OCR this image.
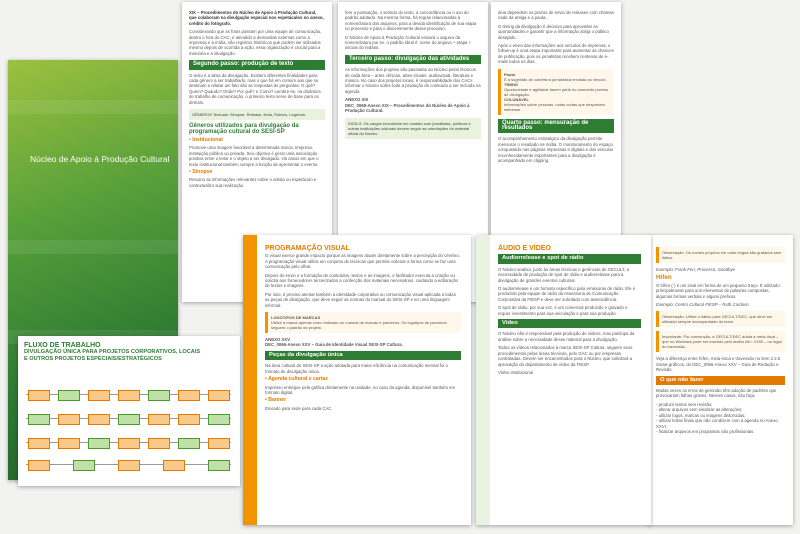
Núcleo de Apoio à Produção Cultural
FLUXO DE TRABALHO
DIVULGAÇÃO ÚNICA PARA PROJETOS CORPORATIVOS, LOCAIS
E OUTROS PROJETOS ESPECIAIS/ESTRATÉGICOS

XIX – Procedimentos do Núcleo de Apoio à Produção Cultural, que colaboram na divulgação especial nos espetáculos no anexo, crédito do fotógrafo.

Considerando que as fotos passam por uma equipe de comunicação, dentro e fora do CAC, é atendido a demandas externas como a imprensa e a mídia, são registros históricos que podem ser utilizados mesmo depois de ocorrida a ação, essa organização é crucial para a memória e a divulgação.

Segundo passo: produção de texto

O texto é a alma da divulgação. Existem diferentes finalidades para cada gênero a ser trabalhado, mas o que há em comum aos que se destinam a relatar um fato são as respostas às perguntas: O quê? Quem? Quando? Onde? Por quê? e Como? Lembre-se, na dinâmica de trabalho de comunicação, o primeiro texto serve de base para os demais.

GÊNEROS Textuais: Sinopse, Release, Nota, Roteiro, Legenda.
Gêneros utilizados para divulgação da programação cultural do SESI-SP
• Institucional

Promove uma imagem favorável a determinada marca, empresa, instituição pública ou privada. Seu objetivo é gerar uma associação positiva entre o leitor e o objeto a ser divulgado. Há casos em que o texto institucional também cumpre a função de apresentar o evento.

• Sinopse

Resumo as informações relevantes sobre o artista ou espetáculo e contextualizo sua realização.

fere a pontuação, o sentido do texto, a concordância ou o uso do padrão adotado. Na mesma forma, há regras relacionadas à nomenclatura dos arquivos, para a devida identificação de sua etapa no processo e para o discernimento desse processo.

O Núcleo de Apoio à Produção Cultural enviará o arquivo da nomenclatura por ex. o padrão ideal é: nome do arquivo + etapa + iniciais do redator.

Terceiro passo: divulgação das atividades

As informações dos projetos são passadas ao Núcleo pelos técnicos de cada área – artes cênicas, artes visuais, audiovisual, literatura e música. No caso dos projetos locais, é responsabilidade dos CACs informar o Núcleo sobre toda a produção de conteúdo a ser incluída na agenda.

ANEXO XIX

DEC_0068-Anexo XIX – Procedimentos do Núcleo de Apoio à Produção Cultural.

SIGILO: Os cargos envolvidos em contato com jornalistas, políticos e outras instituições culturais devem seguir as orientações do material oficial do Núcleo.

deia dependem os prazos de envio de releases com chamas nada da antiga e a pauta.

O timing da divulgação é decisivo para aproveitar as oportunidades e garantir que a informação atinja o público desejado.

Após o envio das informações aos veículos de imprensa, o follow-up é uma etapa importante para aumentar as chances de publicação, pois os jornalistas recebem centenas de e-mails todos os dias.

Pauta
É a sugestão de cobertura jornalística enviada ao veículo.
TIMING
Oportunidade e agilidade fazem parte do momento preciso de divulgação.
COLUNÁVEL
Informações sobre pessoas, notas curtas que despertam interesse.
Quarto passo: mensuração de resultados

O acompanhamento estratégico da divulgação permite mensurar o resultado na mídia. O monitoramento do espaço conquistado nas páginas impressas e digitais e dos veículos reconhecidamente importantes para a divulgação é acompanhado em clipping.

PROGRAMAÇÃO VISUAL

O visual exerce grande impacto porque as imagens atuam diretamente sobre a percepção do cérebro. A programação visual utiliza um conjunto de técnicas que permite ordenar a forma como se faz uma comunicação pelo olhar.

Depois do envio e a formação de conteúdos, textos e as imagens, o facilitador executa a criação ou solicita aos fornecedores terceirizados a confecção dos materiais necessários, cuidando a editoração de textos e imagens.

Por isso, é preciso atentar também à identidade corporativa ou comunicação visual aplicada a todas as peças de divulgação, que deve seguir as normas do manual do SESI-SP e ter uma linguagem informal.

LOGOTIPOS DE MARCAS
Utilize a marca apenas como indicado no manual de marcas e parceiros. Os logotipos de parceiros seguem o padrão do projeto.

ANEXO XXV

DEC_0066-Anexo XXV – Guia de Identidade Visual SESI-SP Cultura.

Peças da divulgação única

Na área cultural do SESI-SP a ação adotada para maior eficiência na comunicação mensal foi o formato de divulgação única.

• Agenda cultural e cartaz

Impresso entregue pela gráfica diretamente na unidade, no caso da agenda, disponível também em formato digital.

• Banner

Enviado para sede para cada CAC.

ÁUDIO E VÍDEO
Audiorrelease e spot de rádio

O Núcleo analisa, junto às áreas técnicas e gerências de GECULT, a necessidade de produção de spot de rádio e audiorrelease para a divulgação de grandes eventos culturais.

O audiorrelease é um formato específico para emissoras de rádio. Ele é produzido pela equipe de rádio da Assessoria de Comunicação Corporativa da FIESP e deve ser solicitado com antecedência.

O spot de rádio, por sua vez, é um comercial produzido e gravado e requer investimento para sua veiculação e para sua produção.

Vídeo

O Núcleo não é responsável pela produção de vídeos, mas participa da análise sobre a necessidade desse material para a divulgação.

Todos os vídeos relacionados à marca SESI-SP Cultura, seguem seus procedimentos pelas áreas técnicas, pelo GAC ou por empresas contratadas. Devem ser encaminhados para o Núcleo, que solicitará a aprovação do departamento de vídeo da FIESP.

Vídeo Institucional

Observação: Os nomes próprios em outra língua são grafados sem itálico.

Exemplo: Frank Ferr, Processo, Goodbye

Hífen

O hífen (-) é um sinal em forma de um pequeno traço. É utilizado principalmente para unir elementos de palavras compostas, algumas formas verbais e alguns prefixos.

Exemplo: Centro Cultural FIESP – Ruth Cardoso

Observação: Utilize o itálico para GECULT/DEC, que deve ser utilizado sempre acompanhado do texto.
Importante: Por convenção, a GECULT/DEC adota a meia-risca – que no Windows pode ser inserido pelo atalho Alt + 0150 – no lugar do travessão.

Veja a diferença entre hífen, meia-risca e travessão no item 2.2.6 Sinais gráficos, do DEC_0066-Anexo XXV – Guia de Redação e Revisão.

O que não fazer

Muitas vezes os erros de gerúndio têm adoção de padrões que provocariam falhas graves. Nesses casos, não faça:

- produzir textos sem revisão;

- alterar arquivos sem sinalizar as alterações;

- utilizar logos, marcas ou imagens distorcidas;

- utilizar letras finais que não condizem com a agenda no Anexo XXVI.

- finalizar arquivos em programas não profissionais.
